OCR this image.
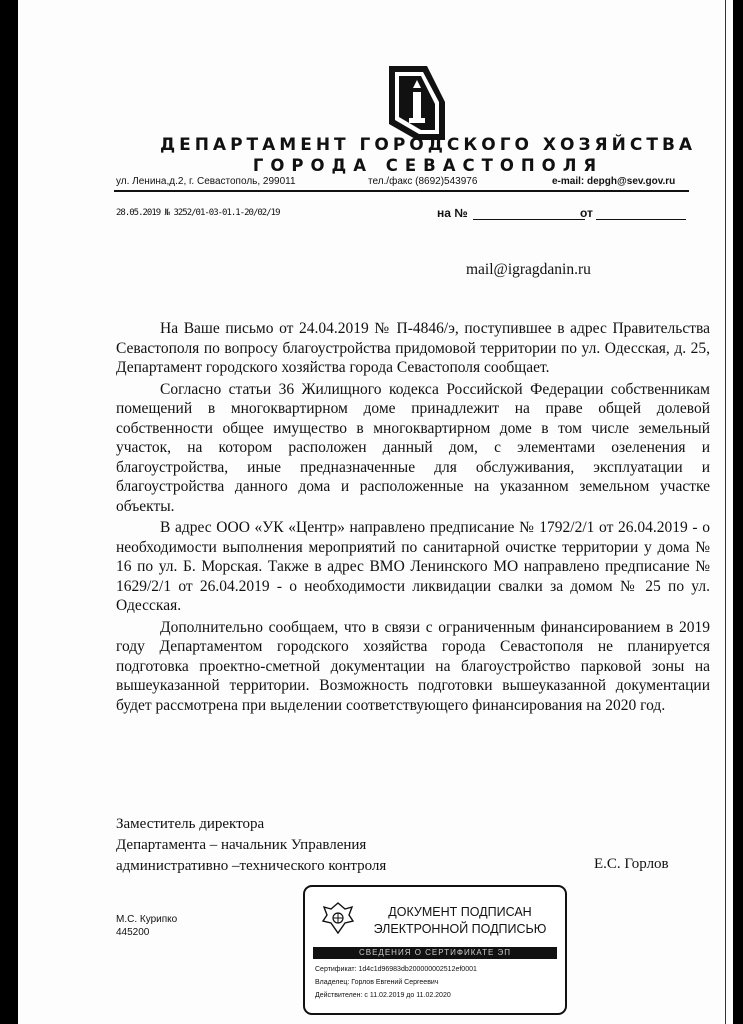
ДЕПАРТАМЕНТ ГОРОДСКОГО ХОЗЯЙСТВА
ГОРОДА СЕВАСТОПОЛЯ
ул. Ленина,д.2, г. Севастополь, 299011	тел./факс (8692)543976	e-mail: depgh@sev.gov.ru
28.05.2019 № 3252/01-03-01.1-20/02/19	на №	от
mail@igragdanin.ru

На Ваше письмо от 24.04.2019 № П-4846/э, поступившее в адрес Правительства Севастополя по вопросу благоустройства придомовой территории по ул. Одесская, д. 25, Департамент городского хозяйства города Севастополя сообщает.

Согласно статьи 36 Жилищного кодекса Российской Федерации собственникам помещений в многоквартирном доме принадлежит на праве общей долевой собственности общее имущество в многоквартирном доме в том числе земельный участок, на котором расположен данный дом, с элементами озеленения и благоустройства, иные предназначенные для обслуживания, эксплуатации и благоустройства данного дома и расположенные на указанном земельном участке объекты.

В адрес ООО «УК «Центр» направлено предписание № 1792/2/1 от 26.04.2019 - о необходимости выполнения мероприятий по санитарной очистке территории у дома № 16 по ул. Б. Морская. Также в адрес ВМО Ленинского МО направлено предписание № 1629/2/1 от 26.04.2019 - о необходимости ликвидации свалки за домом № 25 по ул. Одесская.

Дополнительно сообщаем, что в связи с ограниченным финансированием в 2019 году Департаментом городского хозяйства города Севастополя не планируется подготовка проектно-сметной документации на благоустройство парковой зоны на вышеуказанной территории. Возможность подготовки вышеуказанной документации будет рассмотрена при выделении соответствующего финансирования на 2020 год.

Заместитель директора
Департамента – начальник Управления
административно –технического контроля	Е.С. Горлов
М.С. Курипко
445200
ДОКУМЕНТ ПОДПИСАН
ЭЛЕКТРОННОЙ ПОДПИСЬЮ
СВЕДЕНИЯ О СЕРТИФИКАТЕ ЭП
Сертификат: 1d4c1d96983db200000002512ef0001
Владелец: Горлов Евгений Сергеевич
Действителен: с 11.02.2019 до 11.02.2020
